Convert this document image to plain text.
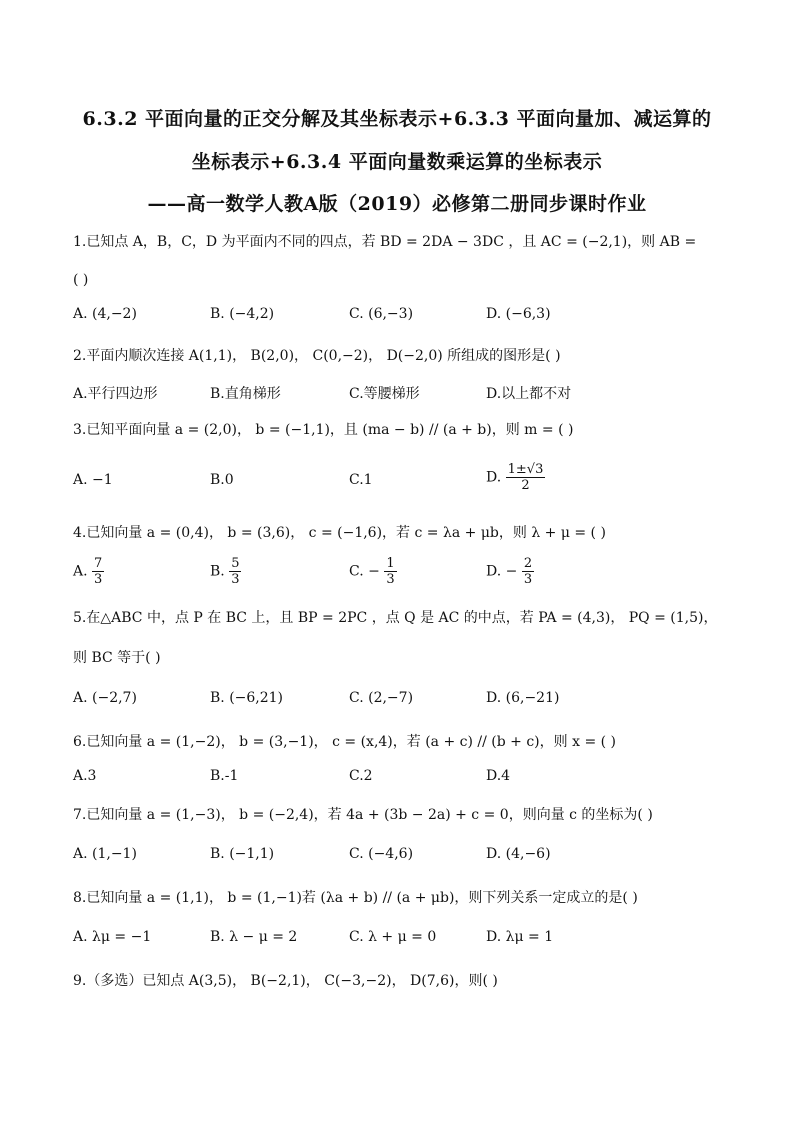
6.3.2 平面向量的正交分解及其坐标表示+6.3.3 平面向量加、减运算的
坐标表示+6.3.4 平面向量数乘运算的坐标表示
——高一数学人教A版（2019）必修第二册同步课时作业
1.已知点 A，B，C，D 为平面内不同的四点，若 BD = 2DA − 3DC ，且 AC = (−2,1)，则 AB =
( )
A. (4,−2)	B. (−4,2)	C. (6,−3)	D. (−6,3)
2.平面内顺次连接 A(1,1)， B(2,0)， C(0,−2)， D(−2,0) 所组成的图形是( )
A.平行四边形	B.直角梯形	C.等腰梯形	D.以上都不对
3.已知平面向量 a = (2,0)， b = (−1,1)，且 (ma − b) // (a + b)，则 m = ( )
A. −1	B.0	C.1	D. $\frac{1\pm√3}{2}$
4.已知向量 a = (0,4)， b = (3,6)， c = (−1,6)，若 c = λa + μb，则 λ + μ = ( )
A. $\frac{7}{3}$	B. $\frac{5}{3}$	C. − $\frac{1}{3}$	D. − $\frac{2}{3}$
5.在△ABC 中，点 P 在 BC 上，且 BP = 2PC ，点 Q 是 AC 的中点，若 PA = (4,3)， PQ = (1,5)，
则 BC 等于( )
A. (−2,7)	B. (−6,21)	C. (2,−7)	D. (6,−21)
6.已知向量 a = (1,−2)， b = (3,−1)， c = (x,4)，若 (a + c) // (b + c)，则 x = ( )
A.3	B.-1	C.2	D.4
7.已知向量 a = (1,−3)， b = (−2,4)，若 4a + (3b − 2a) + c = 0，则向量 c 的坐标为( )
A. (1,−1)	B. (−1,1)	C. (−4,6)	D. (4,−6)
8.已知向量 a = (1,1)， b = (1,−1)若 (λa + b) // (a + μb)，则下列关系一定成立的是( )
A. λμ = −1	B. λ − μ = 2	C. λ + μ = 0	D. λμ = 1
9.（多选）已知点 A(3,5)， B(−2,1)， C(−3,−2)， D(7,6)，则( )
